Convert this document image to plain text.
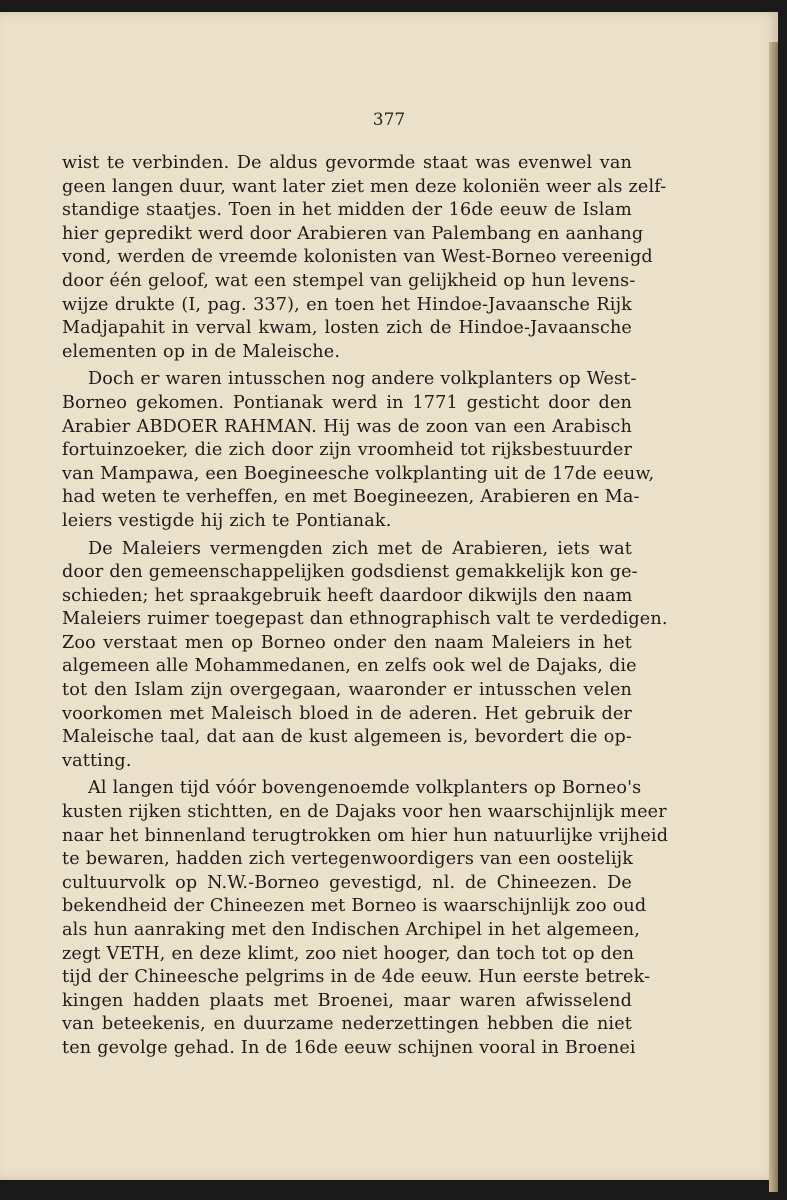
377
wist te verbinden. De aldus gevormde staat was evenwel van
geen langen duur, want later ziet men deze koloniën weer als zelf-
standige staatjes. Toen in het midden der 16de eeuw de Islam
hier gepredikt werd door Arabieren van Palembang en aanhang
vond, werden de vreemde kolonisten van West-Borneo vereenigd
door één geloof, wat een stempel van gelijkheid op hun levens-
wijze drukte (I, pag. 337), en toen het Hindoe-Javaansche Rijk
Madjapahit in verval kwam, losten zich de Hindoe-Javaansche
elementen op in de Maleische.
Doch er waren intusschen nog andere volkplanters op West-
Borneo gekomen. Pontianak werd in 1771 gesticht door den
Arabier ABDOER RAHMAN. Hij was de zoon van een Arabisch
fortuinzoeker, die zich door zijn vroomheid tot rijksbestuurder
van Mampawa, een Boegineesche volkplanting uit de 17de eeuw,
had weten te verheffen, en met Boegineezen, Arabieren en Ma-
leiers vestigde hij zich te Pontianak.
De Maleiers vermengden zich met de Arabieren, iets wat
door den gemeenschappelijken godsdienst gemakkelijk kon ge-
schieden; het spraakgebruik heeft daardoor dikwijls den naam
Maleiers ruimer toegepast dan ethnographisch valt te verdedigen.
Zoo verstaat men op Borneo onder den naam Maleiers in het
algemeen alle Mohammedanen, en zelfs ook wel de Dajaks, die
tot den Islam zijn overgegaan, waaronder er intusschen velen
voorkomen met Maleisch bloed in de aderen. Het gebruik der
Maleische taal, dat aan de kust algemeen is, bevordert die op-
vatting.
Al langen tijd vóór bovengenoemde volkplanters op Borneo's
kusten rijken stichtten, en de Dajaks voor hen waarschijnlijk meer
naar het binnenland terugtrokken om hier hun natuurlijke vrijheid
te bewaren, hadden zich vertegenwoordigers van een oostelijk
cultuurvolk op N.W.-Borneo gevestigd, nl. de Chineezen. De
bekendheid der Chineezen met Borneo is waarschijnlijk zoo oud
als hun aanraking met den Indischen Archipel in het algemeen,
zegt VETH, en deze klimt, zoo niet hooger, dan toch tot op den
tijd der Chineesche pelgrims in de 4de eeuw. Hun eerste betrek-
kingen hadden plaats met Broenei, maar waren afwisselend
van beteekenis, en duurzame nederzettingen hebben die niet
ten gevolge gehad. In de 16de eeuw schijnen vooral in Broenei
